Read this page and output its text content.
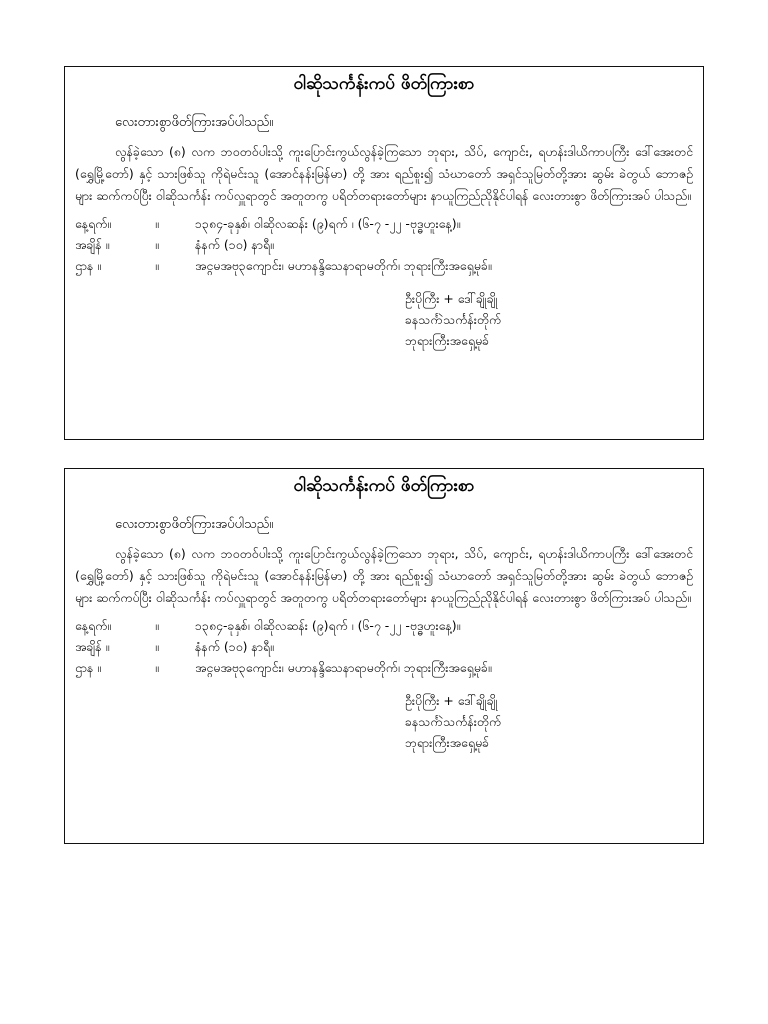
ဝါဆိုသင်္ကန်းကပ် ဖိတ်ကြားစာ
လေးတားစွာဖိတ်ကြားအပ်ပါသည်။
လွန်ခဲ့သော (၈) လက ဘဝတဝ်ပါးသို့ ကူးပြောင်းကွယ်လွန်ခဲ့ကြသော ဘုရား, သိပ်, ကျောင်း, ရဟန်းဒါယိကာပကြီး ဒေါ်အေးတင် (ရွှေမြို့တော်) နှင့် သားဖြစ်သူ ကိုရဲမင်းသူ (အောင်နန်းမြန်မာ) တို့ အား ရည်စူး၍ သံဃာတော် အရှင်သူမြတ်တို့အား ဆွမ်း ခဲတွယ် ဘောဇဥ်များ ဆက်ကပ်ပြီး ဝါဆိုသင်္ကန်း ကပ်လှူရာတွင် အတူတကွ ပရိတ်တရားတော်များ နာယူကြည်ညိုနိုင်ပါရန် လေးတားစွာ ဖိတ်ကြားအပ် ပါသည်။
နေ့ရက်။	။	၁၃၈၄-ခုနှစ်၊ ဝါဆိုလဆန်း (၉)ရက် ၊ (၆-၇ -၂၂ -ဗုဒ္ဓဟူးနေ့)။
အချိန် ။	။	နံနက် (၁၀) နာရီ။
ဌာန ။	။	အင္ဂမအဗု၃ကျောင်း၊ မဟာနန္ဒိသေနာရာမတိုက်၊ ဘုရားကြီးအရှေ့မုခ်။
ဦးပိုကြီး + ဒေါ်ချိုချို
ခနသင်္ကဲသင်္ကန်းတိုက်
ဘုရားကြီးအရှေ့မုခ်
ဝါဆိုသင်္ကန်းကပ် ဖိတ်ကြားစာ
လေးတားစွာဖိတ်ကြားအပ်ပါသည်။
လွန်ခဲ့သော (၈) လက ဘဝတဝ်ပါးသို့ ကူးပြောင်းကွယ်လွန်ခဲ့ကြသော ဘုရား, သိပ်, ကျောင်း, ရဟန်းဒါယိကာပကြီး ဒေါ်အေးတင် (ရွှေမြို့တော်) နှင့် သားဖြစ်သူ ကိုရဲမင်းသူ (အောင်နန်းမြန်မာ) တို့ အား ရည်စူး၍ သံဃာတော် အရှင်သူမြတ်တို့အား ဆွမ်း ခဲတွယ် ဘောဇဥ်များ ဆက်ကပ်ပြီး ဝါဆိုသင်္ကန်း ကပ်လှူရာတွင် အတူတကွ ပရိတ်တရားတော်များ နာယူကြည်ညိုနိုင်ပါရန် လေးတားစွာ ဖိတ်ကြားအပ် ပါသည်။
နေ့ရက်။	။	၁၃၈၄-ခုနှစ်၊ ဝါဆိုလဆန်း (၉)ရက် ၊ (၆-၇ -၂၂ -ဗုဒ္ဓဟူးနေ့)။
အချိန် ။	။	နံနက် (၁၀) နာရီ။
ဌာန ။	။	အင္ဂမအဗု၃ကျောင်း၊ မဟာနန္ဒိသေနာရာမတိုက်၊ ဘုရားကြီးအရှေ့မုခ်။
ဦးပိုကြီး + ဒေါ်ချိုချို
ခနသင်္ကဲသင်္ကန်းတိုက်
ဘုရားကြီးအရှေ့မုခ်
